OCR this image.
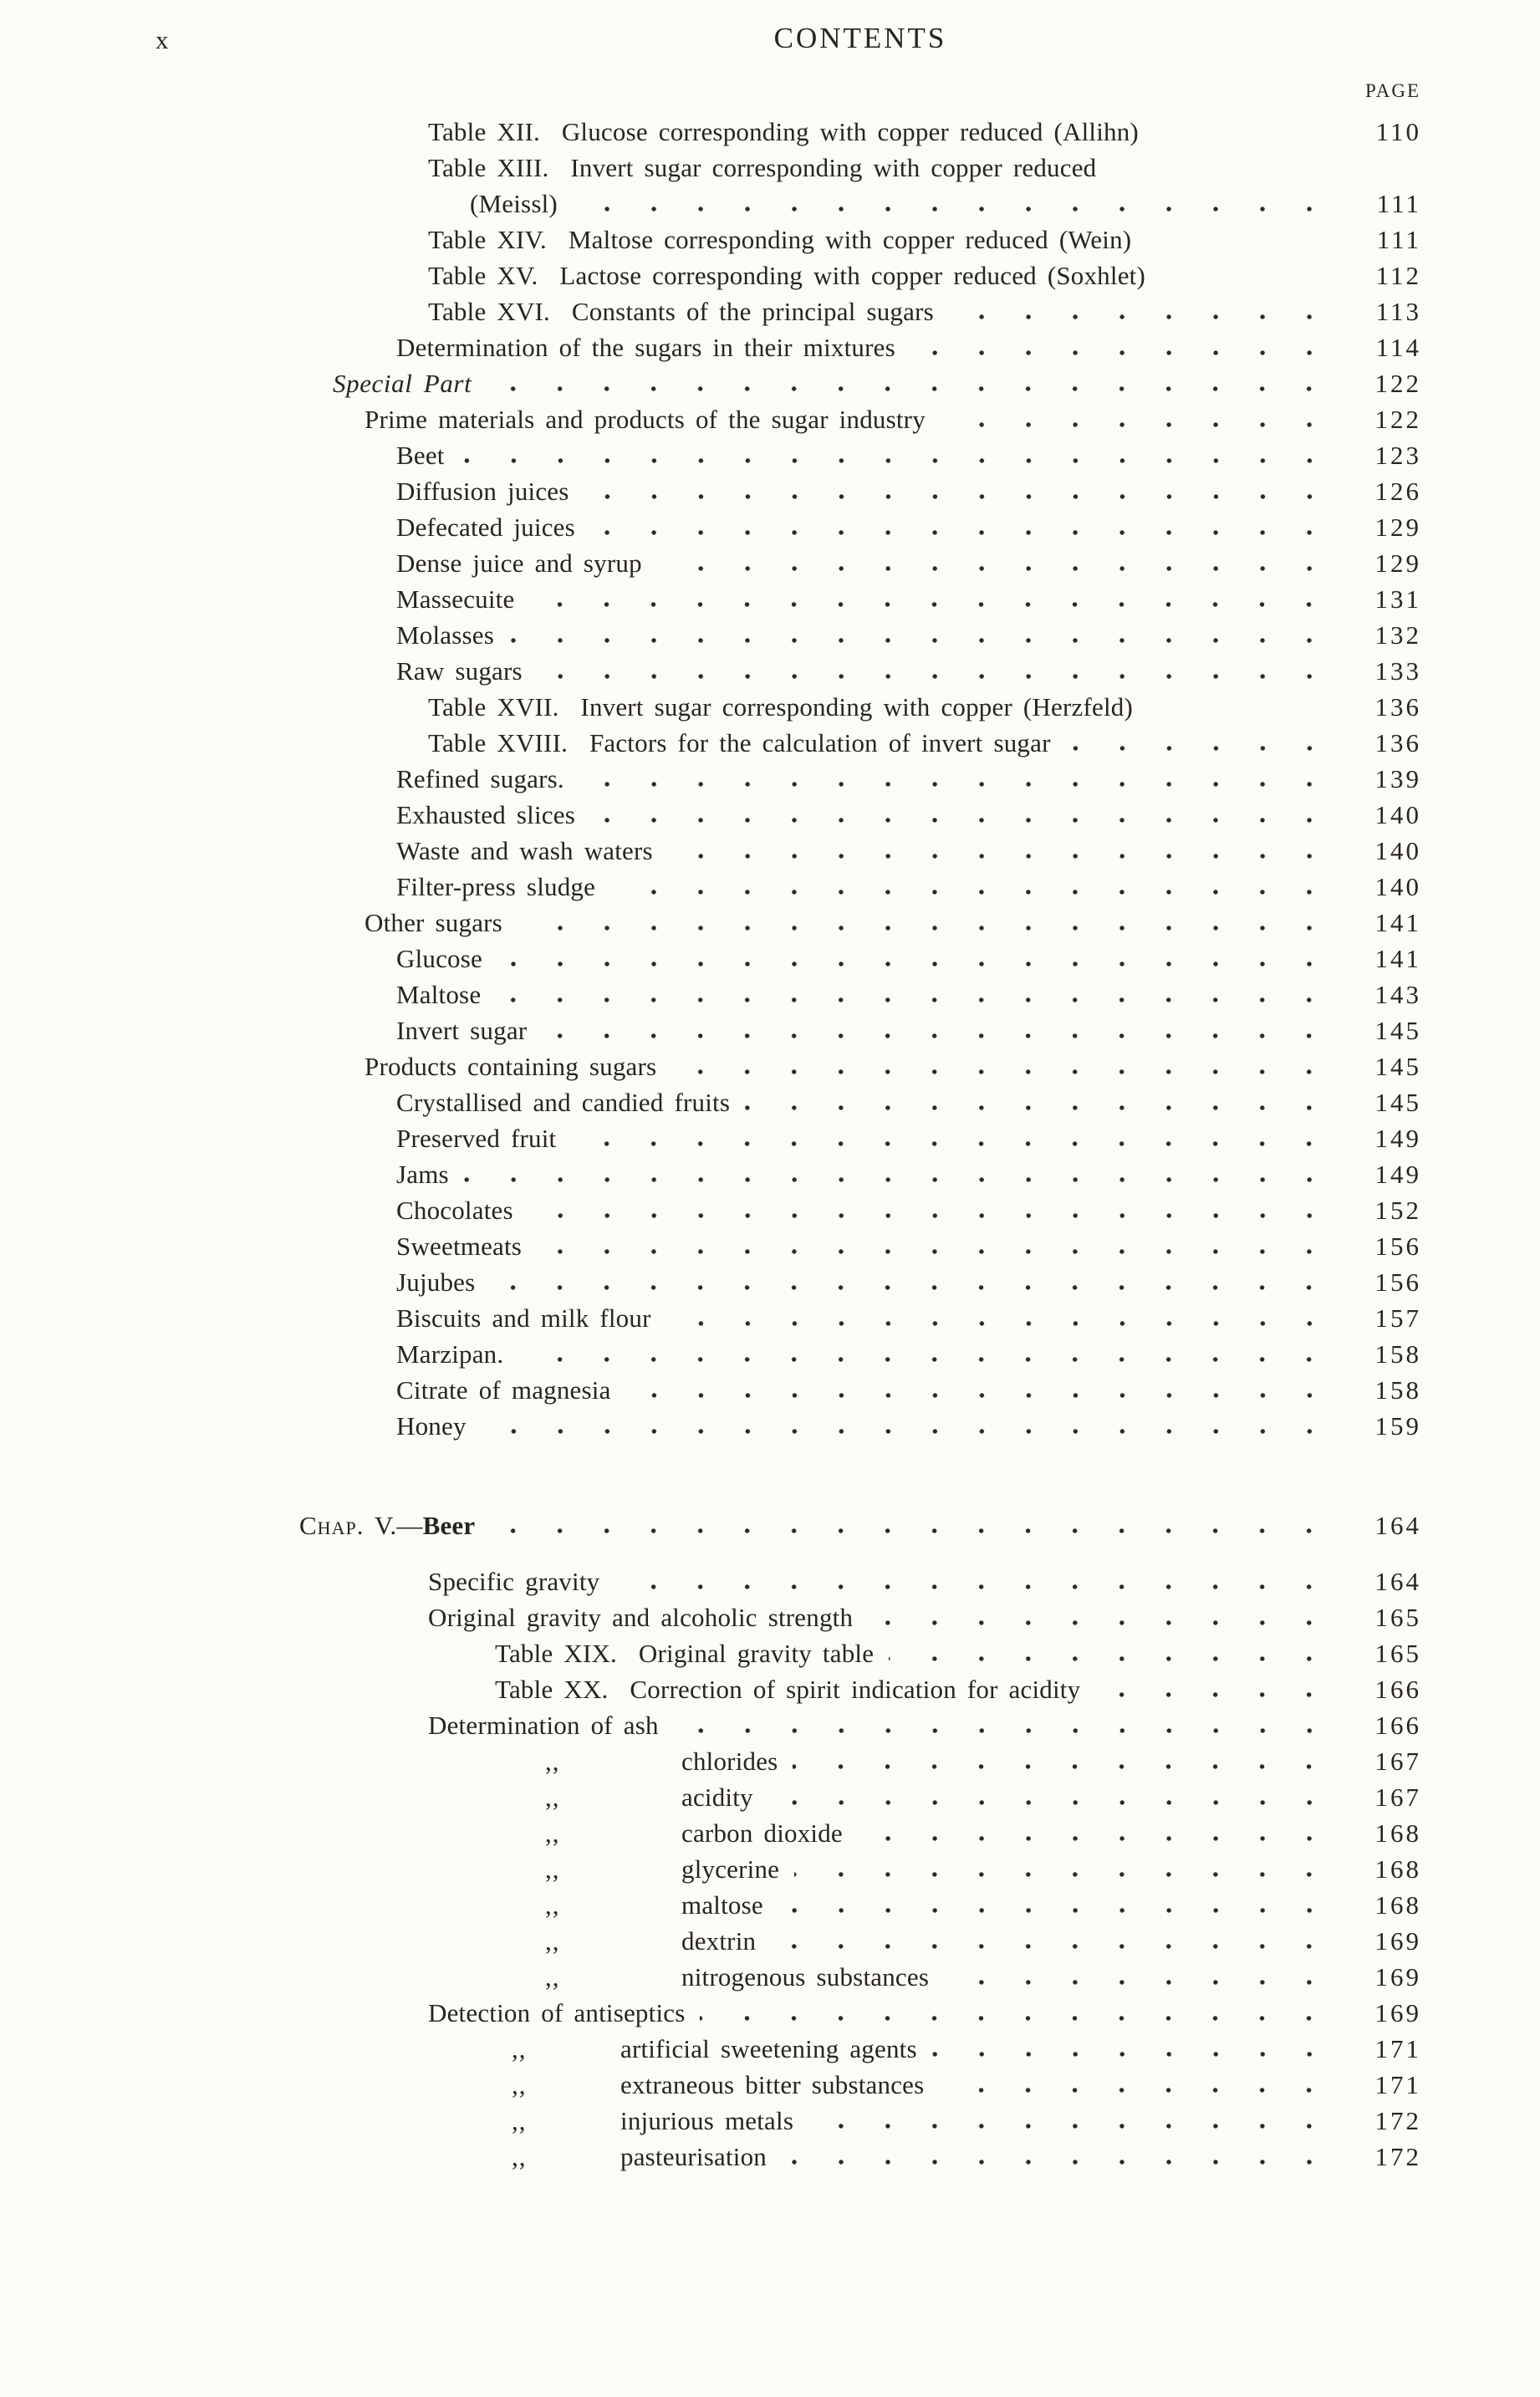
x	CONTENTS
PAGE
Table XII.  Glucose corresponding with copper reduced (Allihn)	110
Table XIII.  Invert sugar corresponding with copper reduced
(Meissl)	111
Table XIV.  Maltose corresponding with copper reduced (Wein)	111
Table XV.  Lactose corresponding with copper reduced (Soxhlet)	112
Table XVI.  Constants of the principal sugars	113
Determination of the sugars in their mixtures	114
Special Part	122
Prime materials and products of the sugar industry	122
Beet	123
Diffusion juices	126
Defecated juices	129
Dense juice and syrup	129
Massecuite	131
Molasses	132
Raw sugars	133
Table XVII.  Invert sugar corresponding with copper (Herzfeld)	136
Table XVIII.  Factors for the calculation of invert sugar	136
Refined sugars.	139
Exhausted slices	140
Waste and wash waters	140
Filter-press sludge	140
Other sugars	141
Glucose	141
Maltose	143
Invert sugar	145
Products containing sugars	145
Crystallised and candied fruits	145
Preserved fruit	149
Jams	149
Chocolates	152
Sweetmeats	156
Jujubes	156
Biscuits and milk flour	157
Marzipan.	158
Citrate of magnesia	158
Honey	159
Chap. V.—Beer	164
Specific gravity	164
Original gravity and alcoholic strength	165
Table XIX.  Original gravity table	165
Table XX.  Correction of spirit indication for acidity	166
Determination of ash	166
,,	chlorides	167
,,	acidity	167
,,	carbon dioxide	168
,,	glycerine	168
,,	maltose	168
,,	dextrin	169
,,	nitrogenous substances	169
Detection of antiseptics	169
,,	artificial sweetening agents	171
,,	extraneous bitter substances	171
,,	injurious metals	172
,,	pasteurisation	172
